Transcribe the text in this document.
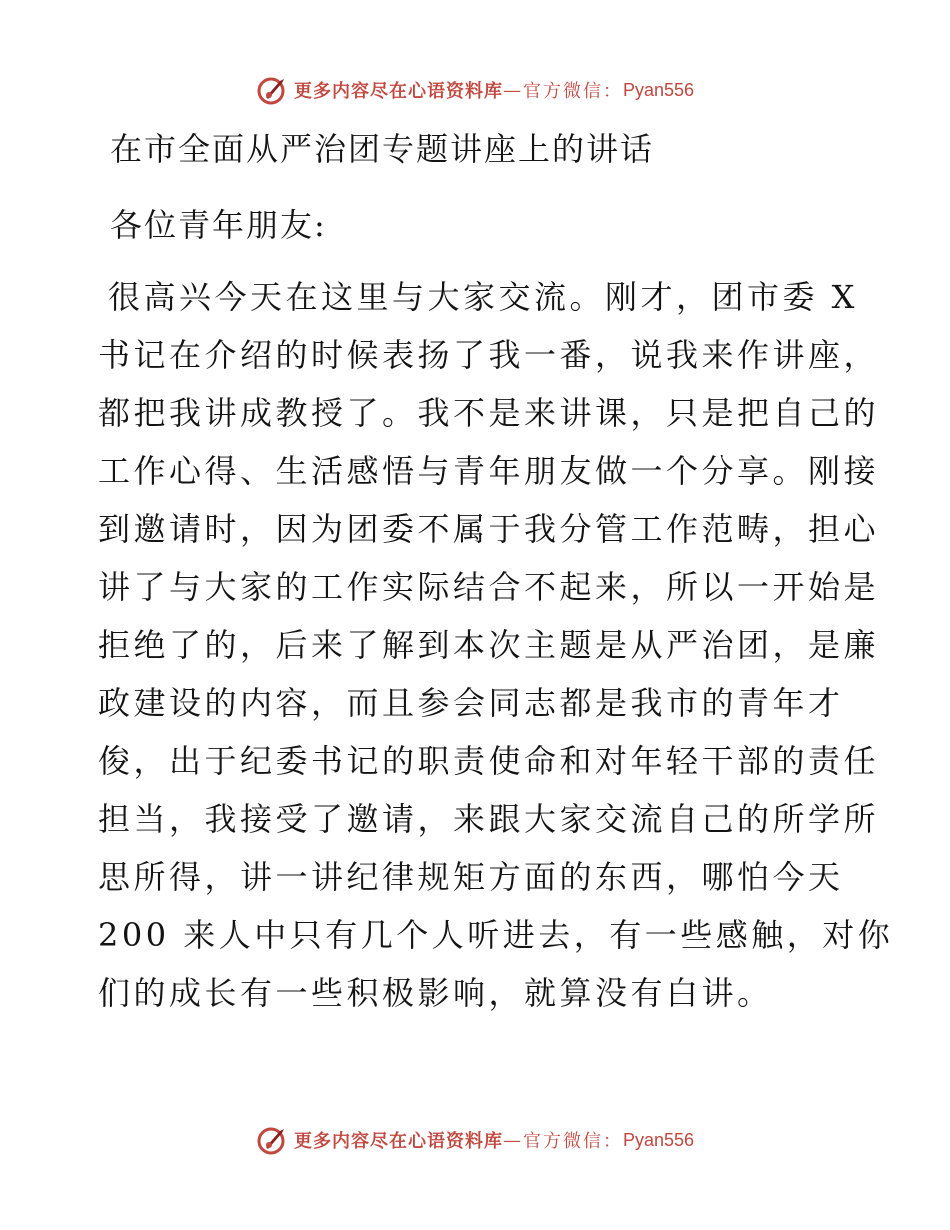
更多内容尽在心语资料库 — 官方微信： Pyan556
在市全面从严治团专题讲座上的讲话
各位青年朋友:
很高兴今天在这里与大家交流。刚才，团市委 X
书记在介绍的时候表扬了我一番，说我来作讲座，
都把我讲成教授了。我不是来讲课，只是把自己的
工作心得、生活感悟与青年朋友做一个分享。刚接
到邀请时，因为团委不属于我分管工作范畴，担心
讲了与大家的工作实际结合不起来，所以一开始是
拒绝了的，后来了解到本次主题是从严治团，是廉
政建设的内容，而且参会同志都是我市的青年才
俊，出于纪委书记的职责使命和对年轻干部的责任
担当，我接受了邀请，来跟大家交流自己的所学所
思所得，讲一讲纪律规矩方面的东西，哪怕今天
200 来人中只有几个人听进去，有一些感触，对你
们的成长有一些积极影响，就算没有白讲。
更多内容尽在心语资料库 — 官方微信： Pyan556
